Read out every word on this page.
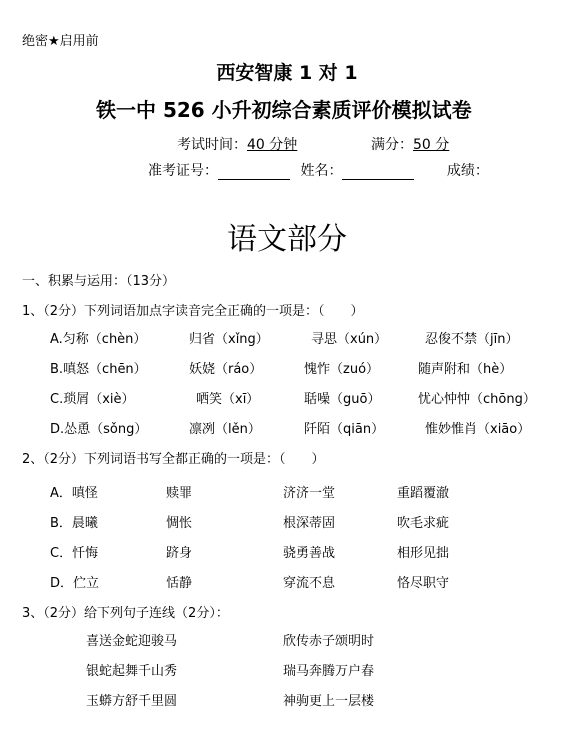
绝密★启用前
西安智康 1 对 1
铁一中 526 小升初综合素质评价模拟试卷
考试时间：40 分钟	满分：50 分
准考证号：	姓名：	成绩：
语文部分
一、积累与运用：（13分）
1、（2分）下列词语加点字读音完全正确的一项是：（　　）
A.匀称（chèn）	归省（xǐng）	寻思（xún）	忍俊不禁（jīn）
B.嗔怒（chēn）	妖娆（ráo）	愧怍（zuó）	随声附和（hè）
C.琐屑（xiè）	哂笑（xī）	聒噪（guō）	忧心忡忡（chōng）
D.怂恿（sǒng）	凛冽（lěn）	阡陌（qiān）	惟妙惟肖（xiāo）
2、（2分）下列词语书写全都正确的一项是：（　　）
A．嗔怪	赎罪	济济一堂	重蹈覆澈
B．晨曦	惆怅	根深蒂固	吹毛求疵
C．忏悔	跻身	骁勇善战	相形见拙
D．伫立	恬静	穿流不息	恪尽职守
3、（2分）给下列句子连线（2分）：
喜送金蛇迎骏马	欣传赤子颂明时
银蛇起舞千山秀	瑞马奔腾万户春
玉蟒方舒千里圆	神驹更上一层楼
